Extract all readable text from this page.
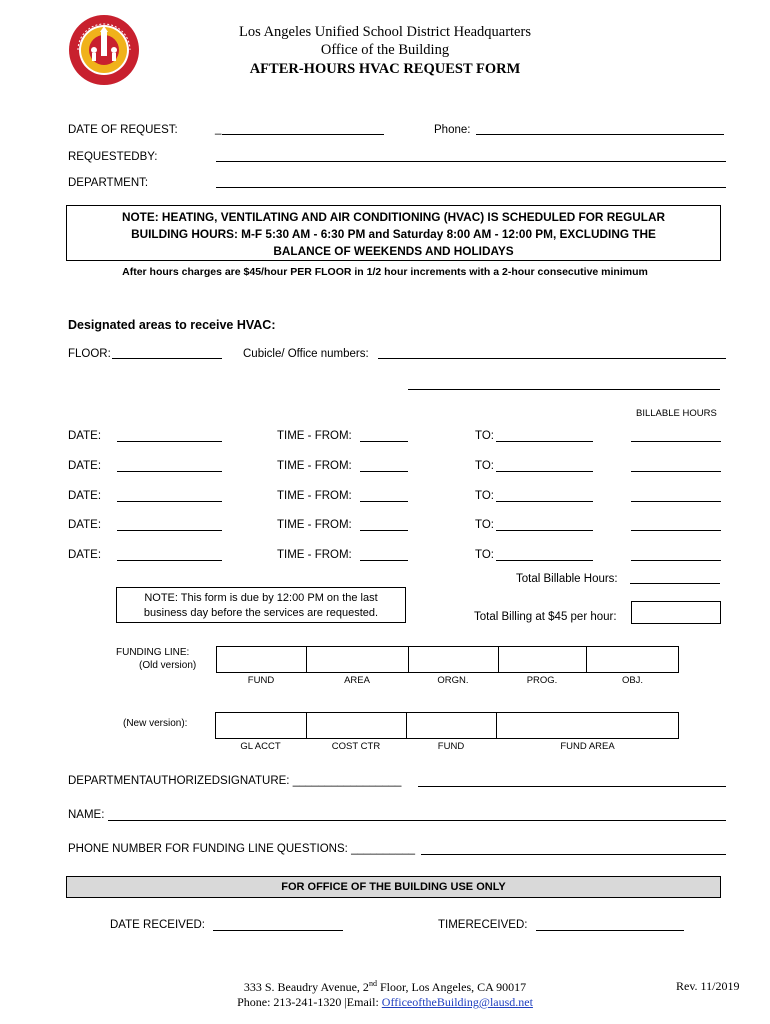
Los Angeles Unified School District Headquarters
Office of the Building
AFTER-HOURS HVAC REQUEST FORM
DATE OF REQUEST:	_	Phone:
REQUESTEDBY:
DEPARTMENT:
NOTE: HEATING, VENTILATING AND AIR CONDITIONING (HVAC) IS SCHEDULED FOR REGULAR
BUILDING HOURS: M-F 5:30 AM - 6:30 PM and Saturday 8:00 AM - 12:00 PM, EXCLUDING THE
BALANCE OF WEEKENDS AND HOLIDAYS
After hours charges are $45/hour PER FLOOR in 1/2 hour increments with a 2-hour consecutive minimum
Designated areas to receive HVAC:
FLOOR:	Cubicle/ Office numbers:
BILLABLE HOURS
DATE:	TIME - FROM:	TO:
DATE:	TIME - FROM:	TO:
DATE:	TIME - FROM:	TO:
DATE:	TIME - FROM:	TO:
DATE:	TIME - FROM:	TO:
Total Billable Hours:
NOTE: This form is due by 12:00 PM on the last
business day before the services are requested.	Total Billing at $45 per hour:
FUNDING LINE:
(Old version)
FUND	AREA	ORGN.	PROG.	OBJ.
(New version):
GL ACCT	COST CTR	FUND	FUND AREA
DEPARTMENTAUTHORIZEDSIGNATURE: _________________
NAME:
PHONE NUMBER FOR FUNDING LINE QUESTIONS: __________
FOR OFFICE OF THE BUILDING USE ONLY
DATE RECEIVED:	TIMERECEIVED:
333 S. Beaudry Avenue, 2nd Floor, Los Angeles, CA 90017
Phone: 213-241-1320 |Email: OfficeoftheBuilding@lausd.net
Rev. 11/2019
